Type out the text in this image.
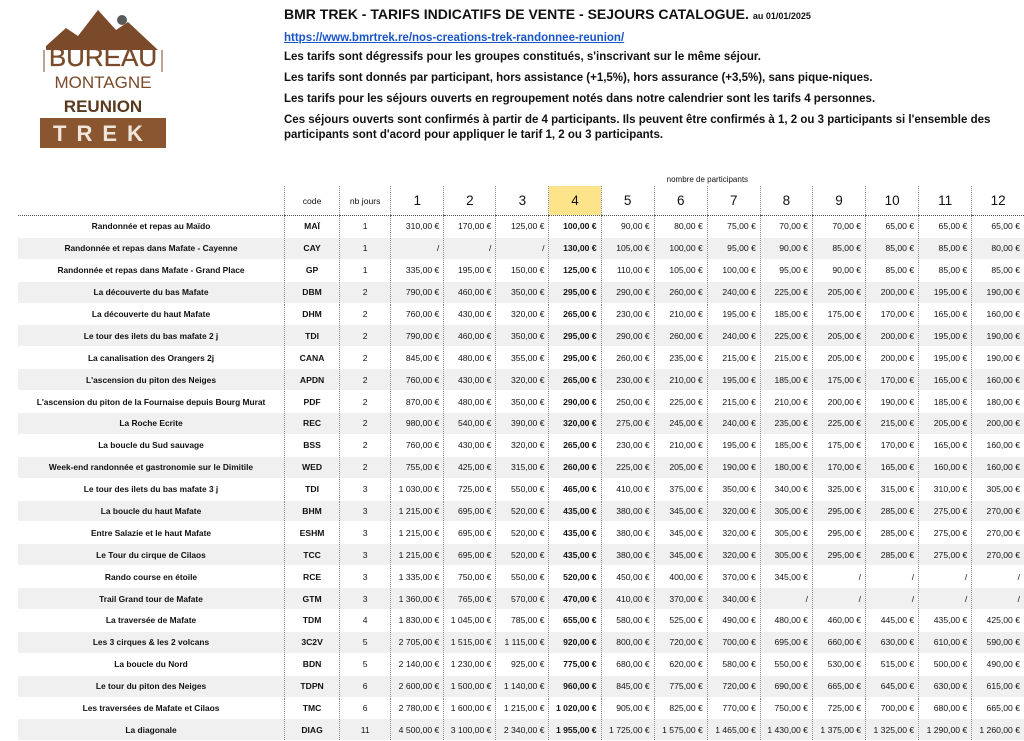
BUREAU
MONTAGNE
REUNION
TREK
BMR TREK - TARIFS INDICATIFS DE VENTE - SEJOURS CATALOGUE. au 01/01/2025
https://www.bmrtrek.re/nos-creations-trek-randonnee-reunion/

Les tarifs sont dégressifs pour les groupes constitués, s'inscrivant sur le même séjour.

Les tarifs sont donnés par participant, hors assistance (+1,5%), hors assurance (+3,5%), sans pique-niques.

Les tarifs pour les séjours ouverts en regroupement notés dans notre calendrier sont les tarifs 4 personnes.

Ces séjours ouverts sont confirmés à partir de 4 participants. Ils peuvent être confirmés à 1, 2 ou 3 participants si l'ensemble des participants sont d'acord pour appliquer le tarif 1, 2 ou 3 participants.

			nombre de participants											
	code	nb jours	1	2	3	4	5	6	7	8	9	10	11	12
Randonnée et repas au Maïdo	MAÏ	1	310,00 €	170,00 €	125,00 €	100,00 €	90,00 €	80,00 €	75,00 €	70,00 €	70,00 €	65,00 €	65,00 €	65,00 €
Randonnée et repas dans Mafate - Cayenne	CAY	1	/	/	/	130,00 €	105,00 €	100,00 €	95,00 €	90,00 €	85,00 €	85,00 €	85,00 €	80,00 €
Randonnée et repas dans Mafate - Grand Place	GP	1	335,00 €	195,00 €	150,00 €	125,00 €	110,00 €	105,00 €	100,00 €	95,00 €	90,00 €	85,00 €	85,00 €	85,00 €
La découverte du bas Mafate	DBM	2	790,00 €	460,00 €	350,00 €	295,00 €	290,00 €	260,00 €	240,00 €	225,00 €	205,00 €	200,00 €	195,00 €	190,00 €
La découverte du haut Mafate	DHM	2	760,00 €	430,00 €	320,00 €	265,00 €	230,00 €	210,00 €	195,00 €	185,00 €	175,00 €	170,00 €	165,00 €	160,00 €
Le tour des ilets du bas mafate 2 j	TDI	2	790,00 €	460,00 €	350,00 €	295,00 €	290,00 €	260,00 €	240,00 €	225,00 €	205,00 €	200,00 €	195,00 €	190,00 €
La canalisation des Orangers 2j	CANA	2	845,00 €	480,00 €	355,00 €	295,00 €	260,00 €	235,00 €	215,00 €	215,00 €	205,00 €	200,00 €	195,00 €	190,00 €
L'ascension du piton des Neiges	APDN	2	760,00 €	430,00 €	320,00 €	265,00 €	230,00 €	210,00 €	195,00 €	185,00 €	175,00 €	170,00 €	165,00 €	160,00 €
L'ascension du piton de la Fournaise depuis Bourg Murat	PDF	2	870,00 €	480,00 €	350,00 €	290,00 €	250,00 €	225,00 €	215,00 €	210,00 €	200,00 €	190,00 €	185,00 €	180,00 €
La Roche Ecrite	REC	2	980,00 €	540,00 €	390,00 €	320,00 €	275,00 €	245,00 €	240,00 €	235,00 €	225,00 €	215,00 €	205,00 €	200,00 €
La boucle du Sud sauvage	BSS	2	760,00 €	430,00 €	320,00 €	265,00 €	230,00 €	210,00 €	195,00 €	185,00 €	175,00 €	170,00 €	165,00 €	160,00 €
Week-end randonnée et gastronomie sur le Dimitile	WED	2	755,00 €	425,00 €	315,00 €	260,00 €	225,00 €	205,00 €	190,00 €	180,00 €	170,00 €	165,00 €	160,00 €	160,00 €
Le tour des ilets du bas mafate 3 j	TDI	3	1 030,00 €	725,00 €	550,00 €	465,00 €	410,00 €	375,00 €	350,00 €	340,00 €	325,00 €	315,00 €	310,00 €	305,00 €
La boucle du haut Mafate	BHM	3	1 215,00 €	695,00 €	520,00 €	435,00 €	380,00 €	345,00 €	320,00 €	305,00 €	295,00 €	285,00 €	275,00 €	270,00 €
Entre Salazie et le haut Mafate	ESHM	3	1 215,00 €	695,00 €	520,00 €	435,00 €	380,00 €	345,00 €	320,00 €	305,00 €	295,00 €	285,00 €	275,00 €	270,00 €
Le Tour du cirque de Cilaos	TCC	3	1 215,00 €	695,00 €	520,00 €	435,00 €	380,00 €	345,00 €	320,00 €	305,00 €	295,00 €	285,00 €	275,00 €	270,00 €
Rando course en étoile	RCE	3	1 335,00 €	750,00 €	550,00 €	520,00 €	450,00 €	400,00 €	370,00 €	345,00 €	/	/	/	/
Trail Grand tour de Mafate	GTM	3	1 360,00 €	765,00 €	570,00 €	470,00 €	410,00 €	370,00 €	340,00 €	/	/	/	/	/
La traversée de Mafate	TDM	4	1 830,00 €	1 045,00 €	785,00 €	655,00 €	580,00 €	525,00 €	490,00 €	480,00 €	460,00 €	445,00 €	435,00 €	425,00 €
Les 3 cirques & les 2 volcans	3C2V	5	2 705,00 €	1 515,00 €	1 115,00 €	920,00 €	800,00 €	720,00 €	700,00 €	695,00 €	660,00 €	630,00 €	610,00 €	590,00 €
La boucle du Nord	BDN	5	2 140,00 €	1 230,00 €	925,00 €	775,00 €	680,00 €	620,00 €	580,00 €	550,00 €	530,00 €	515,00 €	500,00 €	490,00 €
Le tour du piton des Neiges	TDPN	6	2 600,00 €	1 500,00 €	1 140,00 €	960,00 €	845,00 €	775,00 €	720,00 €	690,00 €	665,00 €	645,00 €	630,00 €	615,00 €
Les traversées de Mafate et Cilaos	TMC	6	2 780,00 €	1 600,00 €	1 215,00 €	1 020,00 €	905,00 €	825,00 €	770,00 €	750,00 €	725,00 €	700,00 €	680,00 €	665,00 €
La diagonale	DIAG	11	4 500,00 €	3 100,00 €	2 340,00 €	1 955,00 €	1 725,00 €	1 575,00 €	1 465,00 €	1 430,00 €	1 375,00 €	1 325,00 €	1 290,00 €	1 260,00 €
